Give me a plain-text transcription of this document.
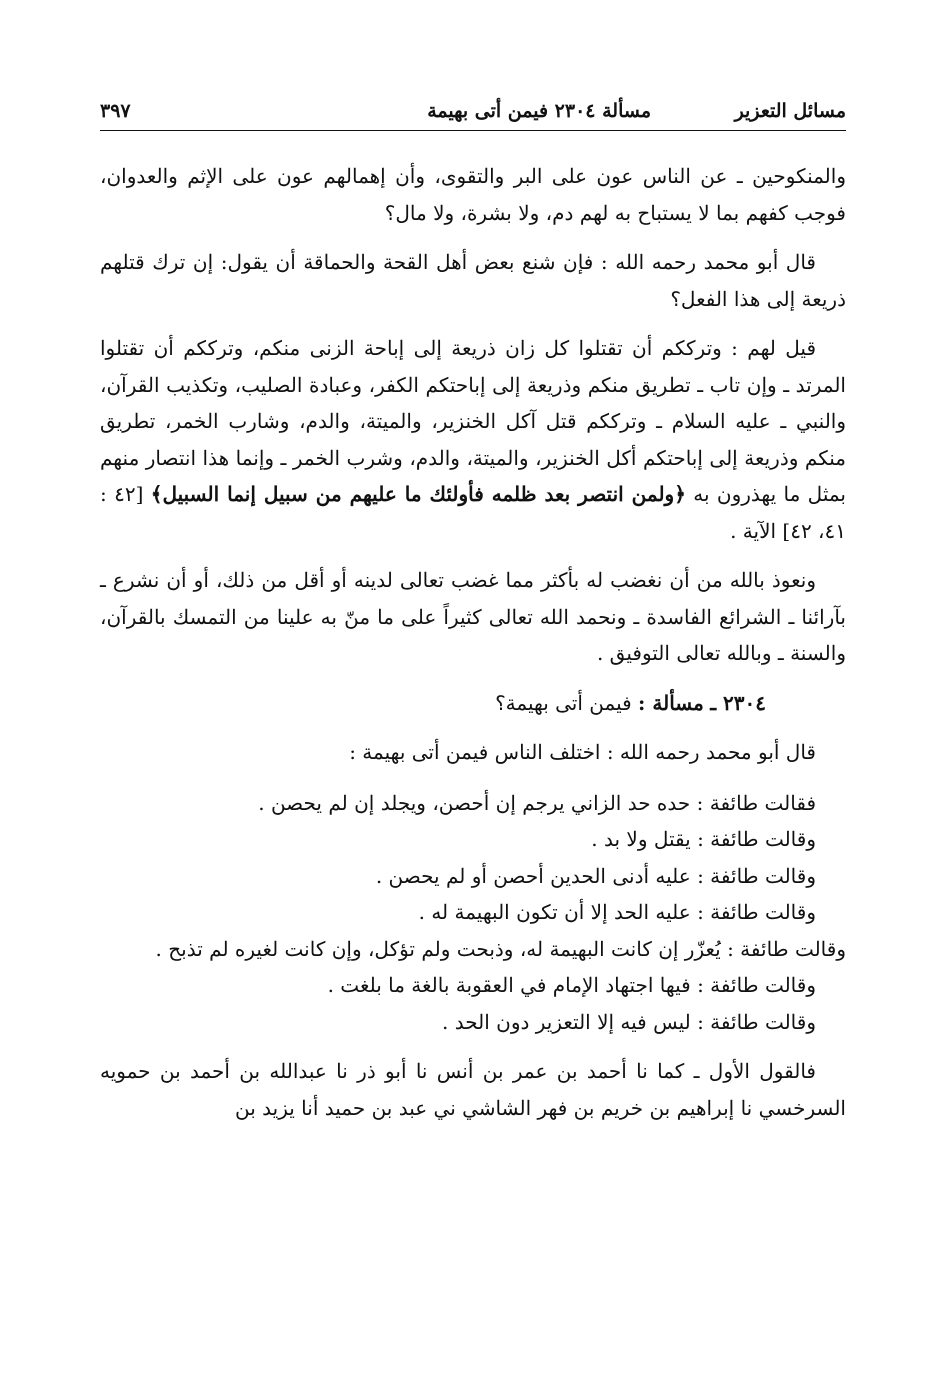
مسائل التعزير
مسألة ٢٣٠٤ فيمن أتى بهيمة
٣٩٧

والمنكوحين ـ عن الناس عون على البر والتقوى، وأن إهمالهم عون على الإثم والعدوان، فوجب كفهم بما لا يستباح به لهم دم، ولا بشرة، ولا مال؟

قال أبو محمد رحمه الله : فإن شنع بعض أهل القحة والحماقة أن يقول: إن ترك قتلهم ذريعة إلى هذا الفعل؟

قيل لهم : وترككم أن تقتلوا كل زان ذريعة إلى إباحة الزنى منكم، وترككم أن تقتلوا المرتد ـ وإن تاب ـ تطريق منكم وذريعة إلى إباحتكم الكفر، وعبادة الصليب، وتكذيب القرآن، والنبي ـ عليه السلام ـ وترككم قتل آكل الخنزير، والميتة، والدم، وشارب الخمر، تطريق منكم وذريعة إلى إباحتكم أكل الخنزير، والميتة، والدم، وشرب الخمر ـ وإنما هذا انتصار منهم بمثل ما يهذرون به ﴿ولمن انتصر بعد ظلمه فأولئك ما عليهم من سبيل إنما السبيل﴾ [٤٢ : ٤١، ٤٢] الآية .

ونعوذ بالله من أن نغضب له بأكثر مما غضب تعالى لدينه أو أقل من ذلك، أو أن نشرع ـ بآرائنا ـ الشرائع الفاسدة ـ ونحمد الله تعالى كثيراً على ما منّ به علينا من التمسك بالقرآن، والسنة ـ وبالله تعالى التوفيق .

٢٣٠٤ ـ مسألة : فيمن أتى بهيمة؟

قال أبو محمد رحمه الله : اختلف الناس فيمن أتى بهيمة :

فقالت طائفة : حده حد الزاني يرجم إن أحصن، ويجلد إن لم يحصن .
وقالت طائفة : يقتل ولا بد .
وقالت طائفة : عليه أدنى الحدين أحصن أو لم يحصن .
وقالت طائفة : عليه الحد إلا أن تكون البهيمة له .
وقالت طائفة : يُعزّر إن كانت البهيمة له، وذبحت ولم تؤكل، وإن كانت لغيره لم تذبح .
وقالت طائفة : فيها اجتهاد الإمام في العقوبة بالغة ما بلغت .
وقالت طائفة : ليس فيه إلا التعزير دون الحد .

فالقول الأول ـ كما نا أحمد بن عمر بن أنس نا أبو ذر نا عبدالله بن أحمد بن حمويه السرخسي نا إبراهيم بن خريم بن فهر الشاشي ني عبد بن حميد أنا يزيد بن
